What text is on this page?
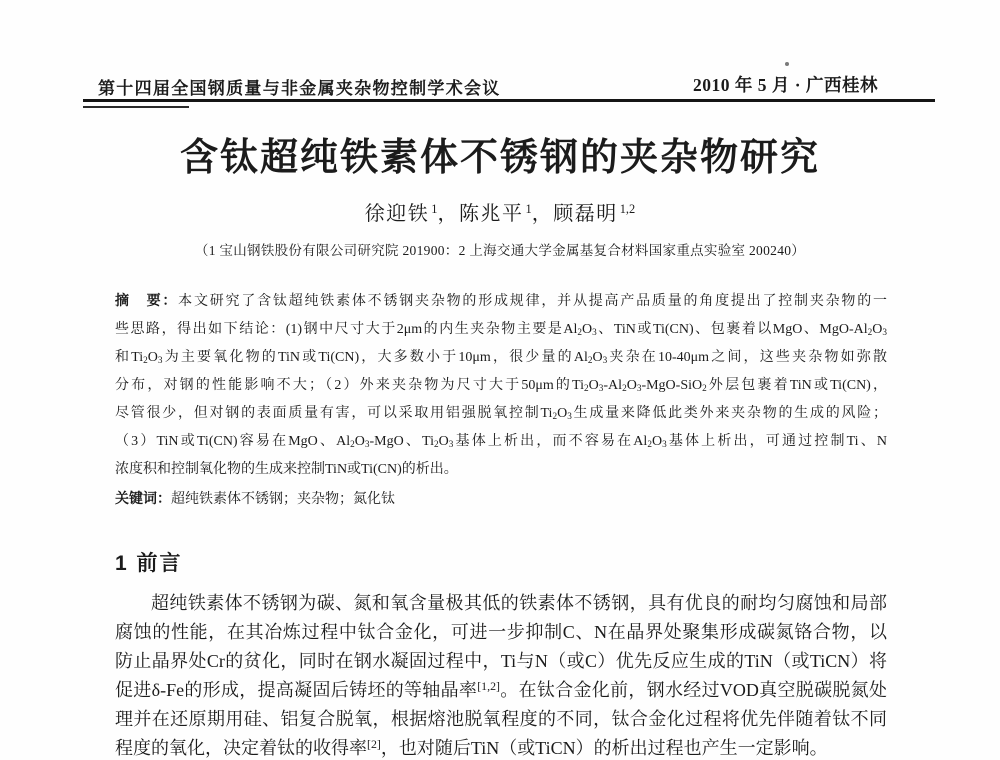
第十四届全国钢质量与非金属夹杂物控制学术会议	2010 年 5 月 · 广西桂林
含钛超纯铁素体不锈钢的夹杂物研究
徐迎铁 $^1$，陈兆平 $^1$，顾磊明 $^{1,2}$
（1 宝山钢铁股份有限公司研究院 201900：2 上海交通大学金属基复合材料国家重点实验室 200240）
摘　要：本文研究了含钛超纯铁素体不锈钢夹杂物的形成规律，并从提高产品质量的角度提出了控制夹杂物的一
些思路，得出如下结论：(1)钢中尺寸大于2μm的内生夹杂物主要是$Al_2O_3$、TiN或Ti(CN)、包裹着以MgO、MgO-$Al_2O_3$
和$Ti_2O_3$为主要氧化物的TiN或Ti(CN)，大多数小于10μm，很少量的$Al_2O_3$夹杂在10-40μm之间，这些夹杂物如弥散
分布，对钢的性能影响不大；（2）外来夹杂物为尺寸大于50μm的$Ti_2O_3-Al_2O_3-MgO-SiO_2$外层包裹着TiN或Ti(CN)，
尽管很少，但对钢的表面质量有害，可以采取用铝强脱氧控制$Ti_2O_3$生成量来降低此类外来夹杂物的生成的风险；
（3）TiN或Ti(CN)容易在MgO、$Al_2O_3$-MgO、$Ti_2O_3$基体上析出，而不容易在$Al_2O_3$基体上析出，可通过控制Ti、N
浓度积和控制氧化物的生成来控制TiN或Ti(CN)的析出。
关键词：超纯铁素体不锈钢；夹杂物；氮化钛
1 前言
超纯铁素体不锈钢为碳、氮和氧含量极其低的铁素体不锈钢，具有优良的耐均匀腐蚀和局部
腐蚀的性能，在其冶炼过程中钛合金化，可进一步抑制C、N在晶界处聚集形成碳氮铬合物，以
防止晶界处Cr的贫化，同时在钢水凝固过程中，Ti与N（或C）优先反应生成的TiN（或TiCN）将
促进δ-Fe的形成，提高凝固后铸坯的等轴晶率[1,2]。在钛合金化前，钢水经过VOD真空脱碳脱氮处
理并在还原期用硅、铝复合脱氧，根据熔池脱氧程度的不同，钛合金化过程将优先伴随着钛不同
程度的氧化，决定着钛的收得率[2]，也对随后TiN（或TiCN）的析出过程也产生一定影响。
